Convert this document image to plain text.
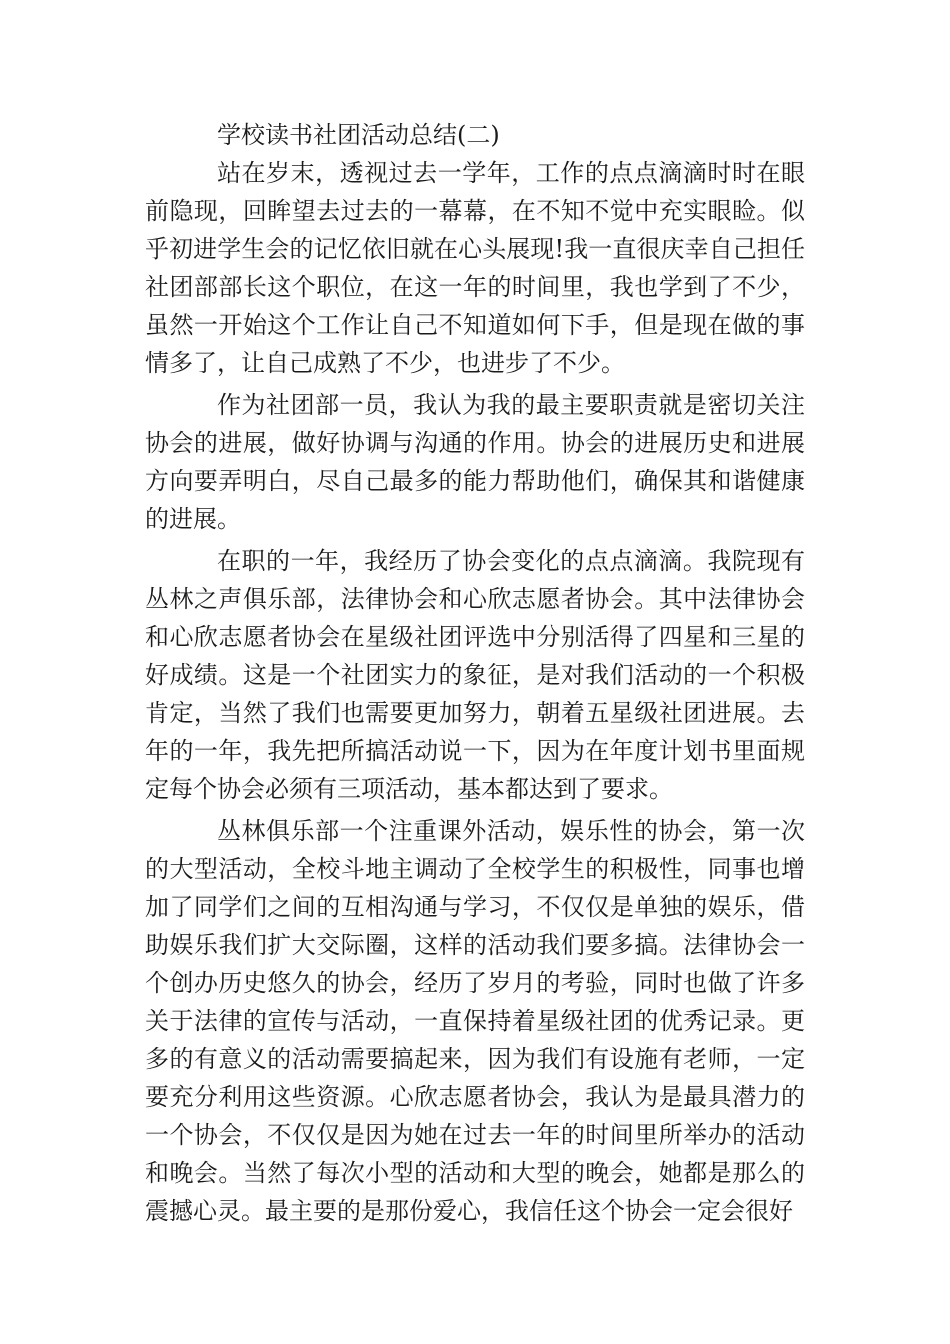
学校读书社团活动总结(二)

站在岁末，透视过去一学年，工作的点点滴滴时时在眼前隐现，回眸望去过去的一幕幕，在不知不觉中充实眼睑。似乎初进学生会的记忆依旧就在心头展现!我一直很庆幸自己担任社团部部长这个职位，在这一年的时间里，我也学到了不少，虽然一开始这个工作让自己不知道如何下手，但是现在做的事情多了，让自己成熟了不少，也进步了不少。

作为社团部一员，我认为我的最主要职责就是密切关注协会的进展，做好协调与沟通的作用。协会的进展历史和进展方向要弄明白，尽自己最多的能力帮助他们，确保其和谐健康的进展。

在职的一年，我经历了协会变化的点点滴滴。我院现有丛林之声俱乐部，法律协会和心欣志愿者协会。其中法律协会和心欣志愿者协会在星级社团评选中分别活得了四星和三星的好成绩。这是一个社团实力的象征，是对我们活动的一个积极肯定，当然了我们也需要更加努力，朝着五星级社团进展。去年的一年，我先把所搞活动说一下，因为在年度计划书里面规定每个协会必须有三项活动，基本都达到了要求。

丛林俱乐部一个注重课外活动，娱乐性的协会，第一次的大型活动，全校斗地主调动了全校学生的积极性，同事也增加了同学们之间的互相沟通与学习，不仅仅是单独的娱乐，借助娱乐我们扩大交际圈，这样的活动我们要多搞。法律协会一个创办历史悠久的协会，经历了岁月的考验，同时也做了许多关于法律的宣传与活动，一直保持着星级社团的优秀记录。更多的有意义的活动需要搞起来，因为我们有设施有老师，一定要充分利用这些资源。心欣志愿者协会，我认为是最具潜力的一个协会，不仅仅是因为她在过去一年的时间里所举办的活动和晚会。当然了每次小型的活动和大型的晚会，她都是那么的震撼心灵。最主要的是那份爱心，我信任这个协会一定会很好
